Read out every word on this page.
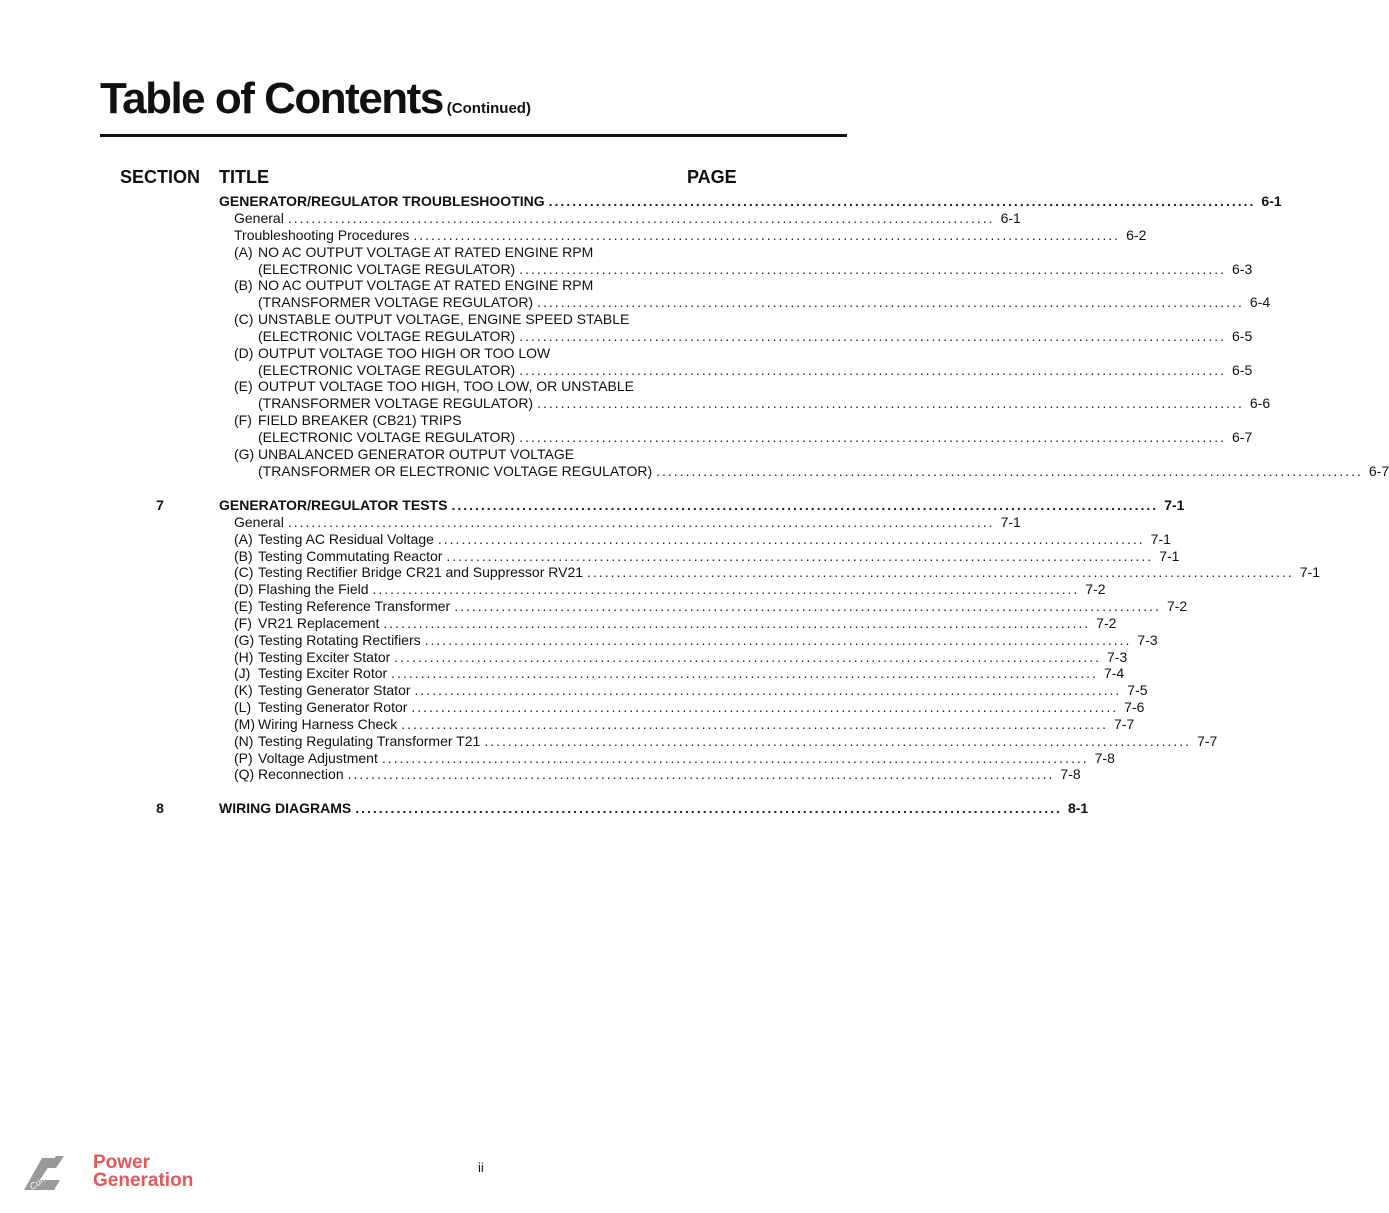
Table of Contents (Continued)
SECTION TITLE	PAGE
GENERATOR/REGULATOR TROUBLESHOOTING ........................................................................................................................ 6-1
General ........................................................................................................................ 6-1
Troubleshooting Procedures ........................................................................................................................ 6-2
(A) NO AC OUTPUT VOLTAGE AT RATED ENGINE RPM
(ELECTRONIC VOLTAGE REGULATOR) ........................................................................................................................ 6-3
(B) NO AC OUTPUT VOLTAGE AT RATED ENGINE RPM
(TRANSFORMER VOLTAGE REGULATOR) ........................................................................................................................ 6-4
(C) UNSTABLE OUTPUT VOLTAGE, ENGINE SPEED STABLE
(ELECTRONIC VOLTAGE REGULATOR) ........................................................................................................................ 6-5
(D) OUTPUT VOLTAGE TOO HIGH OR TOO LOW
(ELECTRONIC VOLTAGE REGULATOR) ........................................................................................................................ 6-5
(E) OUTPUT VOLTAGE TOO HIGH, TOO LOW, OR UNSTABLE
(TRANSFORMER VOLTAGE REGULATOR) ........................................................................................................................ 6-6
(F) FIELD BREAKER (CB21) TRIPS
(ELECTRONIC VOLTAGE REGULATOR) ........................................................................................................................ 6-7
(G) UNBALANCED GENERATOR OUTPUT VOLTAGE
(TRANSFORMER OR ELECTRONIC VOLTAGE REGULATOR) ........................................................................................................................ 6-7
7	GENERATOR/REGULATOR TESTS ........................................................................................................................ 7-1
General ........................................................................................................................ 7-1
(A) Testing AC Residual Voltage ........................................................................................................................ 7-1
(B) Testing Commutating Reactor ........................................................................................................................ 7-1
(C) Testing Rectifier Bridge CR21 and Suppressor RV21 ........................................................................................................................ 7-1
(D) Flashing the Field ........................................................................................................................ 7-2
(E) Testing Reference Transformer ........................................................................................................................ 7-2
(F) VR21 Replacement ........................................................................................................................ 7-2
(G) Testing Rotating Rectifiers ........................................................................................................................ 7-3
(H) Testing Exciter Stator ........................................................................................................................ 7-3
(J) Testing Exciter Rotor ........................................................................................................................ 7-4
(K) Testing Generator Stator ........................................................................................................................ 7-5
(L) Testing Generator Rotor ........................................................................................................................ 7-6
(M) Wiring Harness Check ........................................................................................................................ 7-7
(N) Testing Regulating Transformer T21 ........................................................................................................................ 7-7
(P) Voltage Adjustment ........................................................................................................................ 7-8
(Q) Reconnection ........................................................................................................................ 7-8
8	WIRING DIAGRAMS ........................................................................................................................ 8-1
Cummins Power
Generation
ii
